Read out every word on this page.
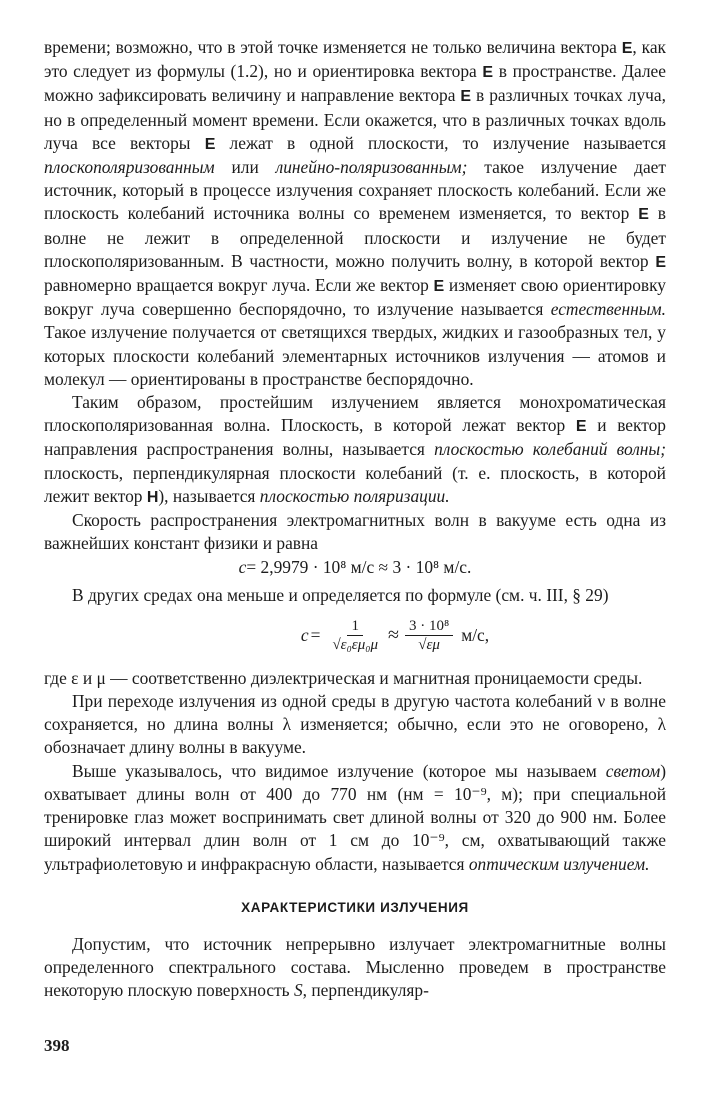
времени; возможно, что в этой точке изменяется не только величина вектора E, как это следует из формулы (1.2), но и ориентировка вектора E в пространстве. Далее можно зафиксировать величину и направление вектора E в различных точках луча, но в определенный момент времени. Если окажется, что в различных точках вдоль луча все векторы E лежат в одной плоскости, то излучение называется плоскополяризованным или линейно-поляризованным; такое излучение дает источник, который в процессе излучения сохраняет плоскость колебаний. Если же плоскость колебаний источника волны со временем изменяется, то вектор E в волне не лежит в определенной плоскости и излучение не будет плоскополяризованным. В частности, можно получить волну, в которой вектор E равномерно вращается вокруг луча. Если же вектор E изменяет свою ориентировку вокруг луча совершенно беспорядочно, то излучение называется естественным. Такое излучение получается от светящихся твердых, жидких и газообразных тел, у которых плоскости колебаний элементарных источников излучения — атомов и молекул — ориентированы в пространстве беспорядочно.

Таким образом, простейшим излучением является монохроматическая плоскополяризованная волна. Плоскость, в которой лежат вектор E и вектор направления распространения волны, называется плоскостью колебаний волны; плоскость, перпендикулярная плоскости колебаний (т. е. плоскость, в которой лежит вектор H), называется плоскостью поляризации.

Скорость распространения электромагнитных волн в вакууме есть одна из важнейших констант физики и равна

c= 2,9979 · 10⁸ м/с ≈ 3 · 10⁸ м/с.

В других средах она меньше и определяется по формуле (см. ч. III, § 29)

$c = \frac{1}{\text{√ε₀εμ₀μ}} \approx \frac{\text{3 · 10⁸}}{√\varepsilon\mu} м/с$,

где ε и μ — соответственно диэлектрическая и магнитная проницаемости среды.

При переходе излучения из одной среды в другую частота колебаний ν в волне сохраняется, но длина волны λ изменяется; обычно, если это не оговорено, λ обозначает длину волны в вакууме.

Выше указывалось, что видимое излучение (которое мы называем светом) охватывает длины волн от 400 до 770 нм (нм = 10⁻⁹, м); при специальной тренировке глаз может воспринимать свет длиной волны от 320 до 900 нм. Более широкий интервал длин волн от 1 см до 10⁻⁹, см, охватывающий также ультрафиолетовую и инфракрасную области, называется оптическим излучением.

ХАРАКТЕРИСТИКИ ИЗЛУЧЕНИЯ

Допустим, что источник непрерывно излучает электромагнитные волны определенного спектрального состава. Мысленно проведем в пространстве некоторую плоскую поверхность S, перпендикуляр-

398
